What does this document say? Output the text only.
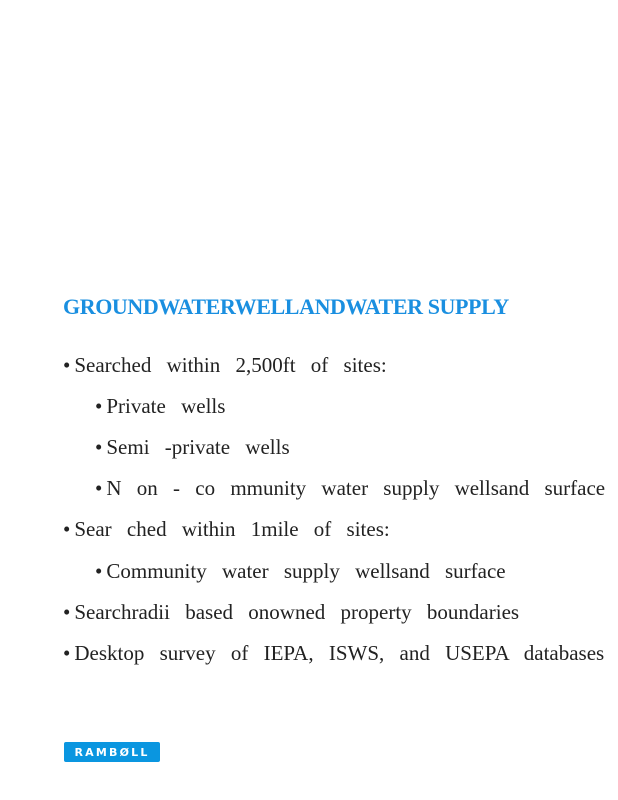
GROUNDWATERWELLANDWATER SUPPLY
• Searched within 2,500ft of sites:
• Private wells
• Semi -private wells
• N on - co mmunity water supply wellsand surface
• Sear ched within 1mile of sites:
• Community water supply wellsand surface
• Searchradii based onowned property boundaries
• Desktop survey of IEPA, ISWS, and USEPA databases
RAMBØLL
